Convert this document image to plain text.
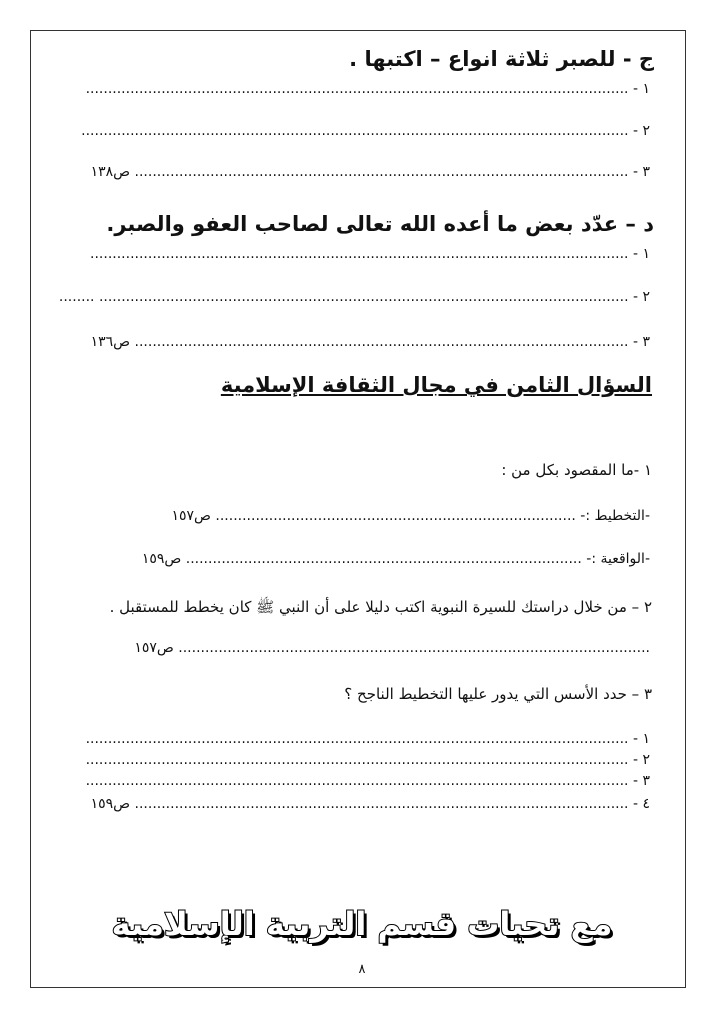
ج - للصبر ثلاثة انواع – اكتبها .
١ - ..........................................................................................................................
٢ - ...........................................................................................................................
٣ - ............................................................................................................... ص١٣٨
د – عدّد بعض ما أعده الله تعالى لصاحب العفو والصبر.
١ - .........................................................................................................................
٢ - ....................................................................................................................... ........
٣ - ............................................................................................................... ص١٣٦
السؤال الثامن في مجال الثقافة الإسلامية
١ -ما المقصود بكل من :
-التخطيط :- ................................................................................. ص١٥٧
-الواقعية :- ......................................................................................... ص١٥٩
٢ – من خلال دراستك للسيرة النبوية اكتب دليلا على أن النبي ﷺ كان يخطط للمستقبل .
.......................................................................................................... ص١٥٧
٣ – حدد الأسس التي يدور عليها التخطيط الناجح ؟
١ - ..........................................................................................................................
٢ - ..........................................................................................................................
٣ - ..........................................................................................................................
٤ - ............................................................................................................... ص١٥٩
مع تحيات قسم التربية الإسلامية
٨
